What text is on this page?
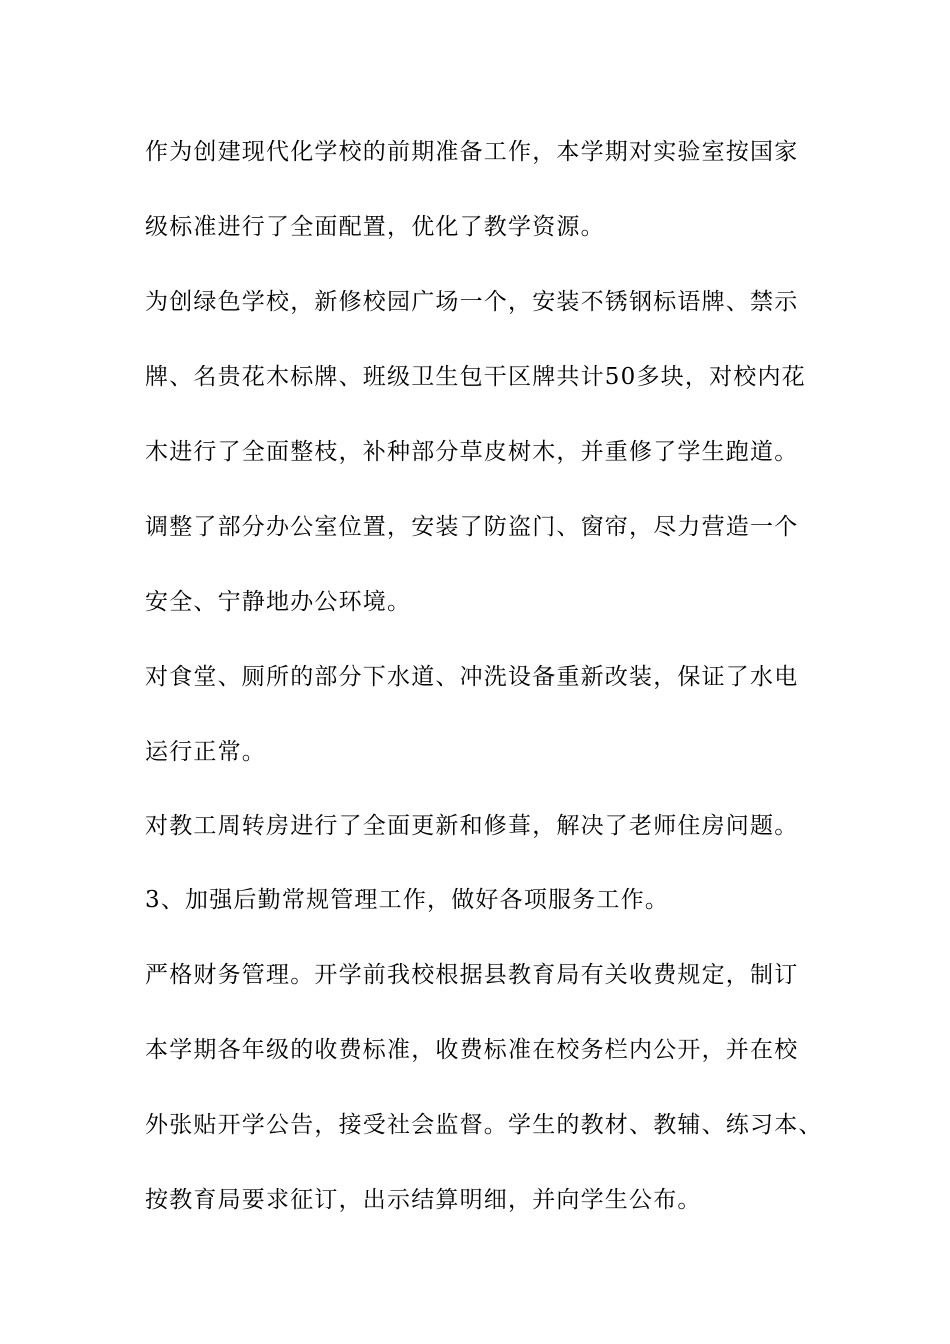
作为创建现代化学校的前期准备工作，本学期对实验室按国家
级标准进行了全面配置，优化了教学资源。
为创绿色学校，新修校园广场一个，安装不锈钢标语牌、禁示
牌、名贵花木标牌、班级卫生包干区牌共计50多块，对校内花
木进行了全面整枝，补种部分草皮树木，并重修了学生跑道。
调整了部分办公室位置，安装了防盗门、窗帘，尽力营造一个
安全、宁静地办公环境。
对食堂、厕所的部分下水道、冲洗设备重新改装，保证了水电
运行正常。
对教工周转房进行了全面更新和修葺，解决了老师住房问题。
3、加强后勤常规管理工作，做好各项服务工作。
严格财务管理。开学前我校根据县教育局有关收费规定，制订
本学期各年级的收费标准，收费标准在校务栏内公开，并在校
外张贴开学公告，接受社会监督。学生的教材、教辅、练习本、
按教育局要求征订，出示结算明细，并向学生公布。
